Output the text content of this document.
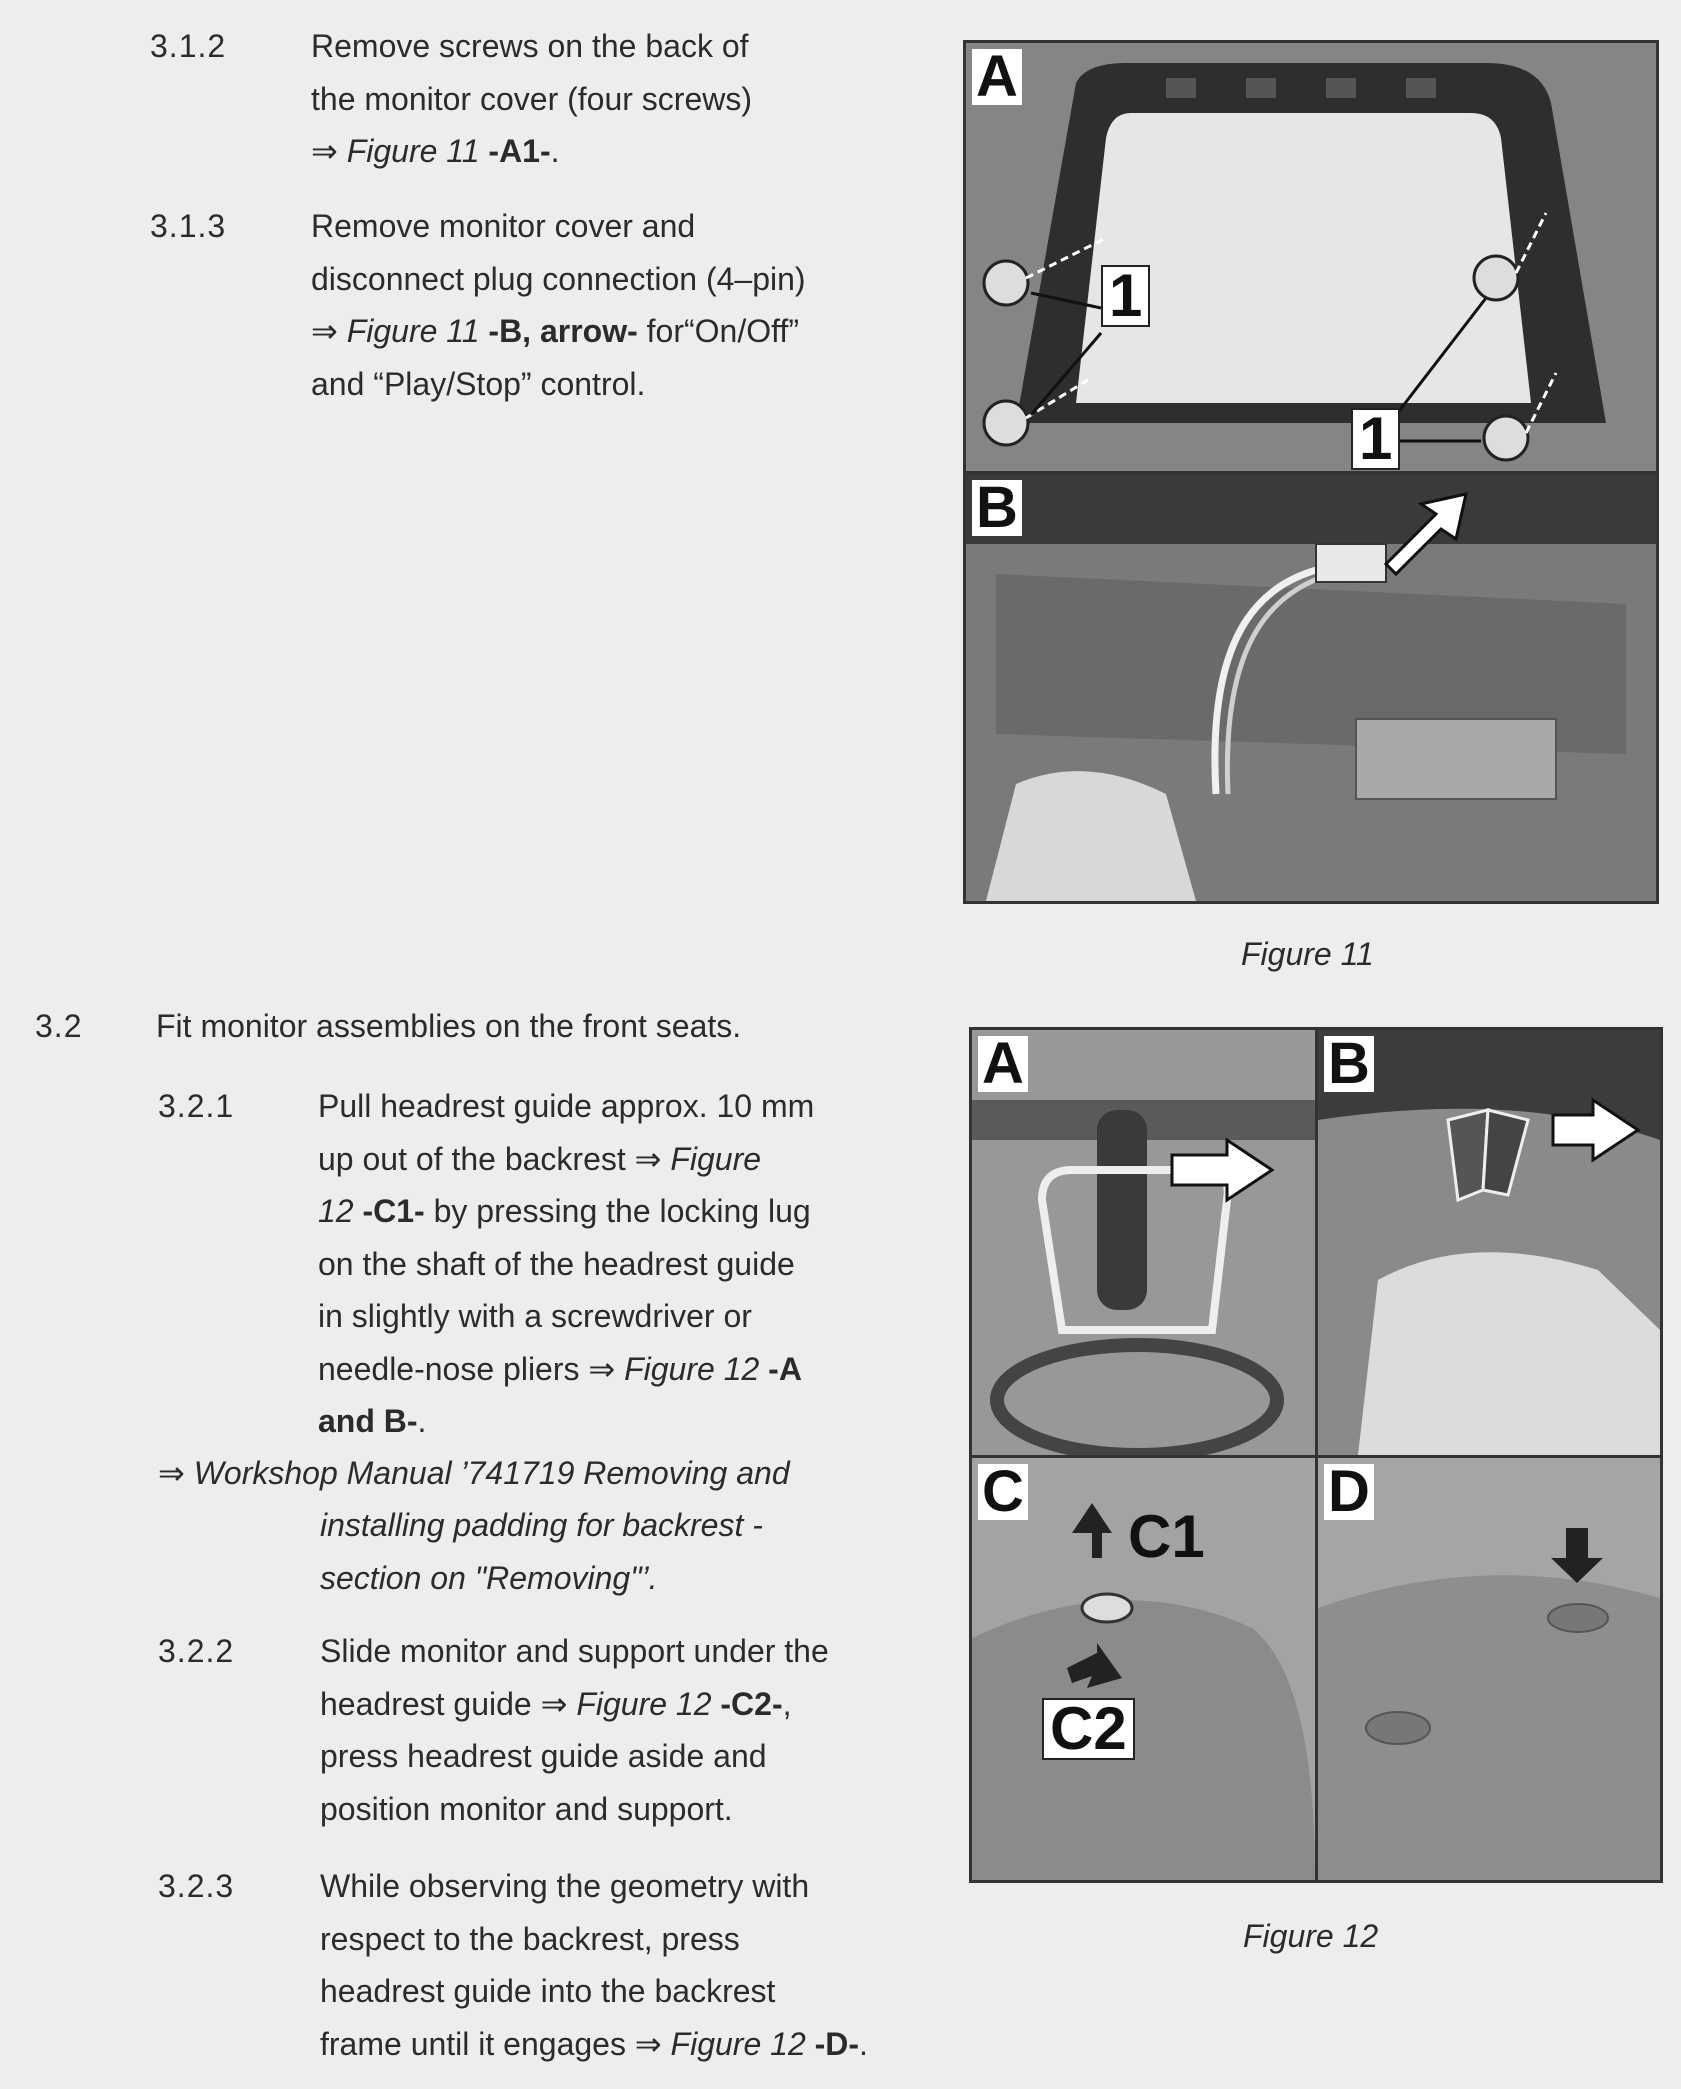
3.1.2	Remove screws on the back of
the monitor cover (four screws)
⇒ Figure 11 -A1-.
3.1.3	Remove monitor cover and
disconnect plug connection (4–pin)
⇒ Figure 11 -B, arrow- for“On/Off”
and “Play/Stop” control.
3.2 Fit monitor assemblies on the front seats.
3.2.1	Pull headrest guide approx. 10 mm
up out of the backrest ⇒ Figure
12 -C1- by pressing the locking lug
on the shaft of the headrest guide
in slightly with a screwdriver or
needle-nose pliers ⇒ Figure 12 -A
and B-.
⇒ Workshop Manual ’741719 Removing and
installing padding for backrest -
section on "Removing"’.
3.2.2	Slide monitor and support under the
headrest guide ⇒ Figure 12 -C2-,
press headrest guide aside and
position monitor and support.
3.2.3	While observing the geometry with
respect to the backrest, press
headrest guide into the backrest
frame until it engages ⇒ Figure 12 -D-.
A
1
1
B
Figure 11
A	B
C
C1
C2
D
Figure 12
